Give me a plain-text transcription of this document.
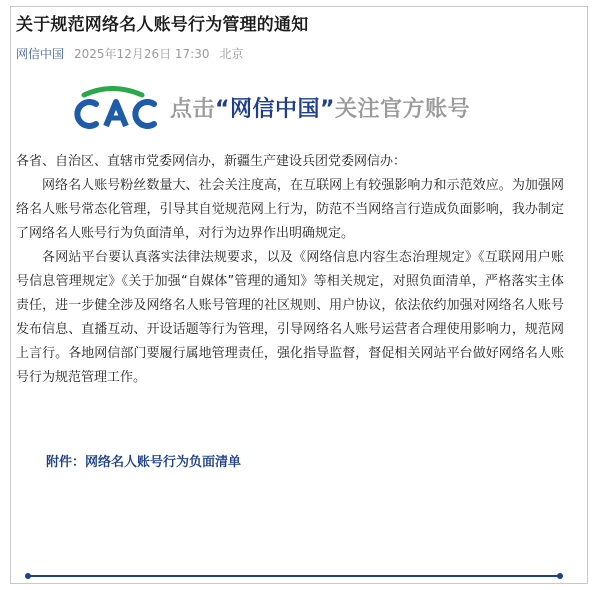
关于规范网络名人账号行为管理的通知
网信中国 2025年12月26日 17:30 北京
点击“网信中国”关注官方账号

各省、自治区、直辖市党委网信办，新疆生产建设兵团党委网信办：

网络名人账号粉丝数量大、社会关注度高，在互联网上有较强影响力和示范效应。为加强网络名人账号常态化管理，引导其自觉规范网上行为，防范不当网络言行造成负面影响，我办制定了网络名人账号行为负面清单，对行为边界作出明确规定。

各网站平台要认真落实法律法规要求，以及《网络信息内容生态治理规定》《互联网用户账号信息管理规定》《关于加强“自媒体”管理的通知》等相关规定，对照负面清单，严格落实主体责任，进一步健全涉及网络名人账号管理的社区规则、用户协议，依法依约加强对网络名人账号发布信息、直播互动、开设话题等行为管理，引导网络名人账号运营者合理使用影响力，规范网上言行。各地网信部门要履行属地管理责任，强化指导监督，督促相关网站平台做好网络名人账号行为规范管理工作。

附件：网络名人账号行为负面清单
